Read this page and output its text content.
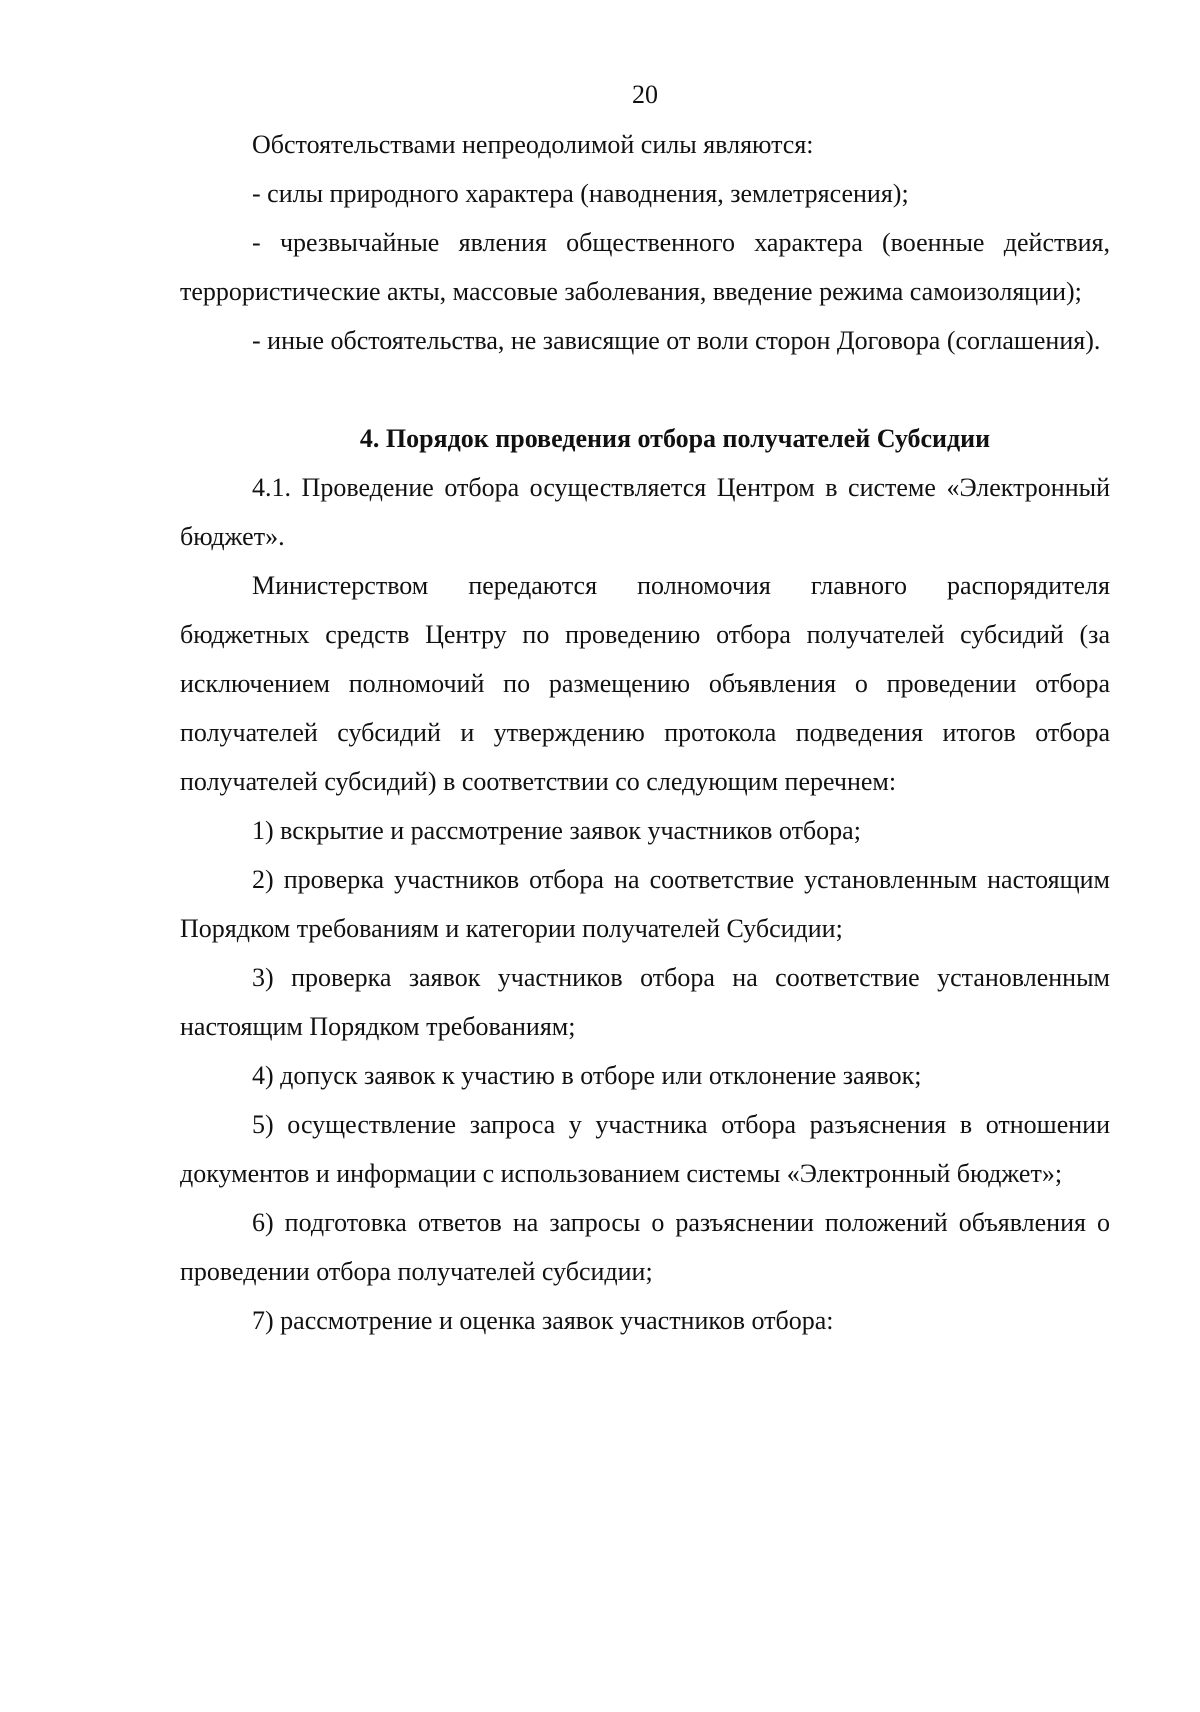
20

Обстоятельствами непреодолимой силы являются:

- силы природного характера (наводнения, землетрясения);

- чрезвычайные явления общественного характера (военные действия, террористические акты, массовые заболевания, введение режима самоизоляции);

- иные обстоятельства, не зависящие от воли сторон Договора (соглашения).

4. Порядок проведения отбора получателей Субсидии

4.1. Проведение отбора осуществляется Центром в системе «Электронный бюджет».

Министерством передаются полномочия главного распорядителя бюджетных средств Центру по проведению отбора получателей субсидий (за исключением полномочий по размещению объявления о проведении отбора получателей субсидий и утверждению протокола подведения итогов отбора получателей субсидий) в соответствии со следующим перечнем:

1) вскрытие и рассмотрение заявок участников отбора;

2) проверка участников отбора на соответствие установленным настоящим Порядком требованиям и категории получателей Субсидии;

3) проверка заявок участников отбора на соответствие установленным настоящим Порядком требованиям;

4) допуск заявок к участию в отборе или отклонение заявок;

5) осуществление запроса у участника отбора разъяснения в отношении документов и информации с использованием системы «Электронный бюджет»;

6) подготовка ответов на запросы о разъяснении положений объявления о проведении отбора получателей субсидии;

7) рассмотрение и оценка заявок участников отбора:
